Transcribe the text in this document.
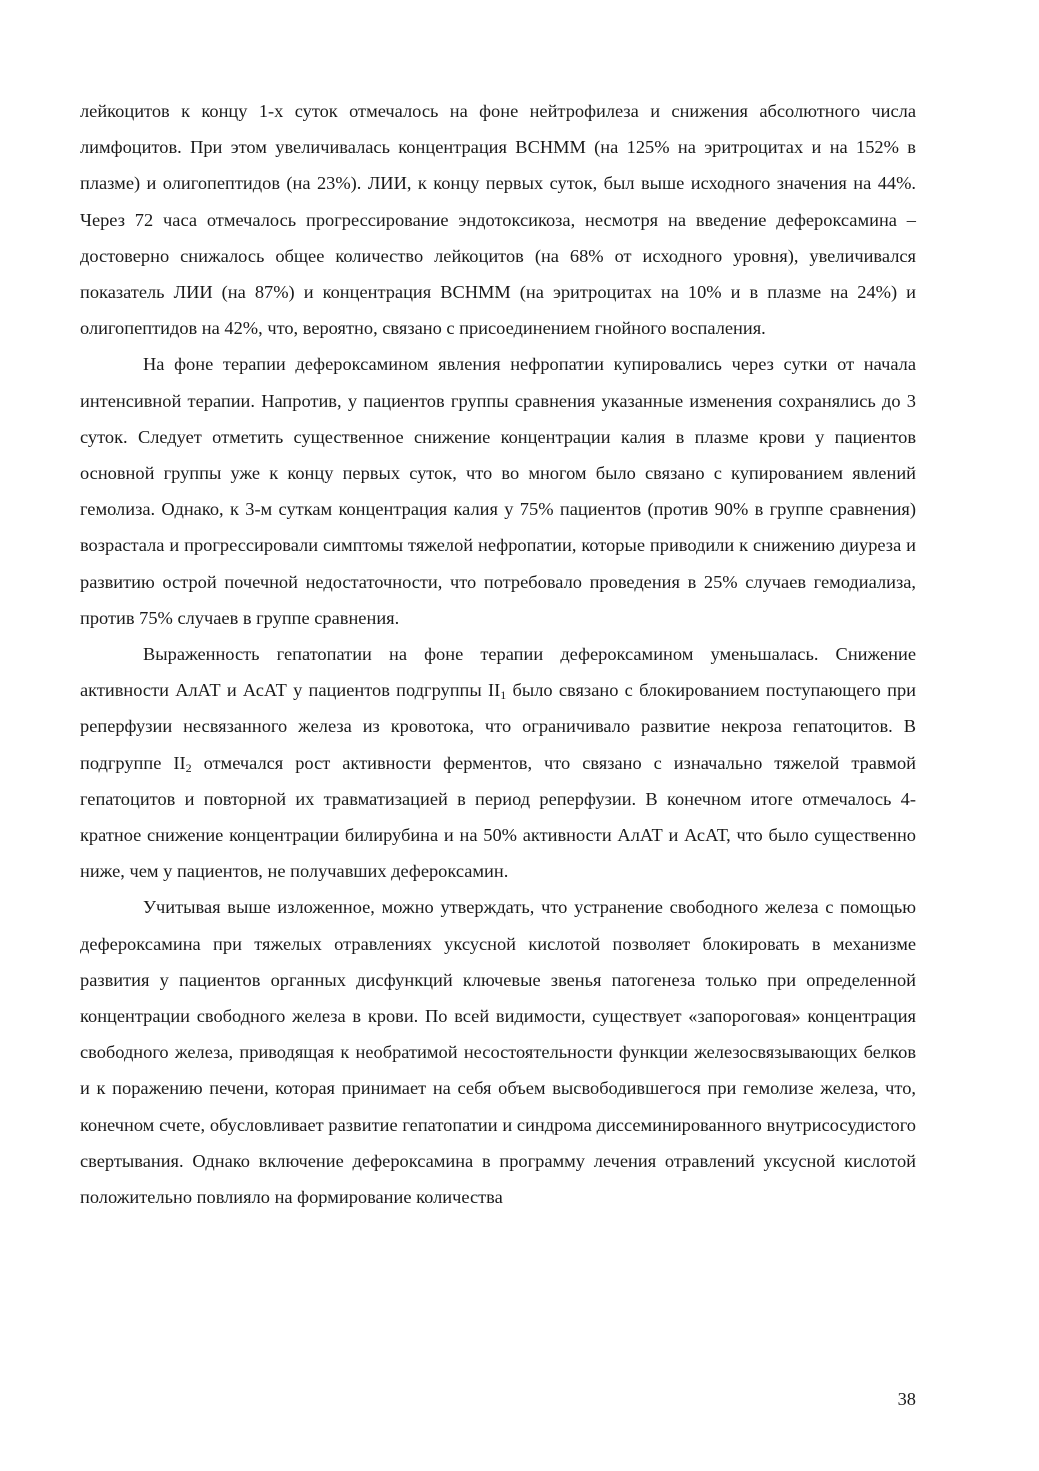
лейкоцитов к концу 1-х суток отмечалось на фоне нейтрофилеза и снижения абсолютного числа лимфоцитов. При этом увеличивалась концентрация ВСНММ (на 125% на эритроцитах и на 152% в плазме) и олигопептидов (на 23%). ЛИИ, к концу первых суток, был выше исходного значения на 44%. Через 72 часа отмечалось прогрессирование эндотоксикоза, несмотря на введение дефероксамина – достоверно снижалось общее количество лейкоцитов (на 68% от исходного уровня), увеличивался показатель ЛИИ (на 87%) и концентрация ВСНММ (на эритроцитах на 10% и в плазме на 24%) и олигопептидов на 42%, что, вероятно, связано с присоединением гнойного воспаления.

На фоне терапии дефероксамином явления нефропатии купировались через сутки от начала интенсивной терапии. Напротив, у пациентов группы сравнения указанные изменения сохранялись до 3 суток. Следует отметить существенное снижение концентрации калия в плазме крови у пациентов основной группы уже к концу первых суток, что во многом было связано с купированием явлений гемолиза. Однако, к 3-м суткам концентрация калия у 75% пациентов (против 90% в группе сравнения) возрастала и прогрессировали симптомы тяжелой нефропатии, которые приводили к снижению диуреза и развитию острой почечной недостаточности, что потребовало проведения в 25% случаев гемодиализа, против 75% случаев в группе сравнения.

Выраженность гепатопатии на фоне терапии дефероксамином уменьшалась. Снижение активности АлАТ и АсАТ у пациентов подгруппы $II_1$ было связано с блокированием поступающего при реперфузии несвязанного железа из кровотока, что ограничивало развитие некроза гепатоцитов. В подгруппе $II_2$ отмечался рост активности ферментов, что связано с изначально тяжелой травмой гепатоцитов и повторной их травматизацией в период реперфузии. В конечном итоге отмечалось 4-кратное снижение концентрации билирубина и на 50% активности АлАТ и АсАТ, что было существенно ниже, чем у пациентов, не получавших дефероксамин.

Учитывая выше изложенное, можно утверждать, что устранение свободного железа с помощью дефероксамина при тяжелых отравлениях уксусной кислотой позволяет блокировать в механизме развития у пациентов органных дисфункций ключевые звенья патогенеза только при определенной концентрации свободного железа в крови. По всей видимости, существует «запороговая» концентрация свободного железа, приводящая к необратимой несостоятельности функции железосвязывающих белков и к поражению печени, которая принимает на себя объем высвободившегося при гемолизе железа, что, конечном счете, обусловливает развитие гепатопатии и синдрома диссеминированного внутрисосудистого свертывания. Однако включение дефероксамина в программу лечения отравлений уксусной кислотой положительно повлияло на формирование количества

38
